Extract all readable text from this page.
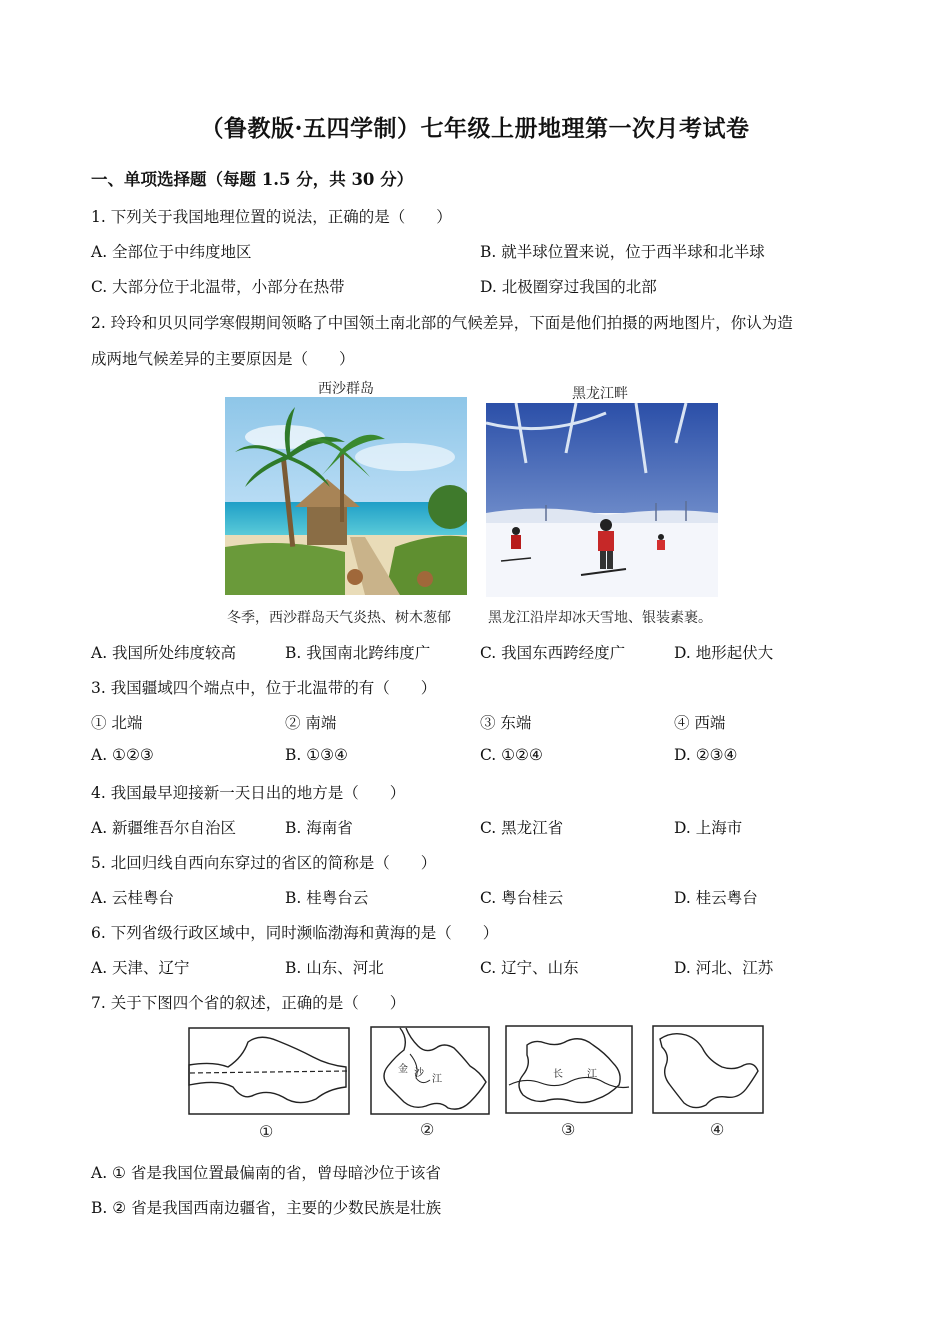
（鲁教版·五四学制）七年级上册地理第一次月考试卷
一、单项选择题（每题 1.5 分，共 30 分）
1. 下列关于我国地理位置的说法，正确的是（　　）
A. 全部位于中纬度地区	B. 就半球位置来说，位于西半球和北半球
C. 大部分位于北温带，小部分在热带	D. 北极圈穿过我国的北部
2. 玲玲和贝贝同学寒假期间领略了中国领土南北部的气候差异，下面是他们拍摄的两地图片，你认为造
成两地气候差异的主要原因是（　　）
西沙群岛	黑龙江畔
冬季，西沙群岛天气炎热、树木葱郁	黑龙江沿岸却冰天雪地、银装素裹。
A. 我国所处纬度较高	B. 我国南北跨纬度广	C. 我国东西跨经度广	D. 地形起伏大
3. 我国疆域四个端点中，位于北温带的有（　　）
① 北端	② 南端	③ 东端	④ 西端
A. ①②③	B. ①③④	C. ①②④	D. ②③④
4. 我国最早迎接新一天日出的地方是（　　）
A. 新疆维吾尔自治区	B. 海南省	C. 黑龙江省	D. 上海市
5. 北回归线自西向东穿过的省区的简称是（　　）
A. 云桂粤台	B. 桂粤台云	C. 粤台桂云	D. 桂云粤台
6. 下列省级行政区域中，同时濒临渤海和黄海的是（　　）
A. 天津、辽宁	B. 山东、河北	C. 辽宁、山东	D. 河北、江苏
7. 关于下图四个省的叙述，正确的是（　　）
①
金 沙
江
②
长 江
③	④
A. ① 省是我国位置最偏南的省，曾母暗沙位于该省
B. ② 省是我国西南边疆省，主要的少数民族是壮族
